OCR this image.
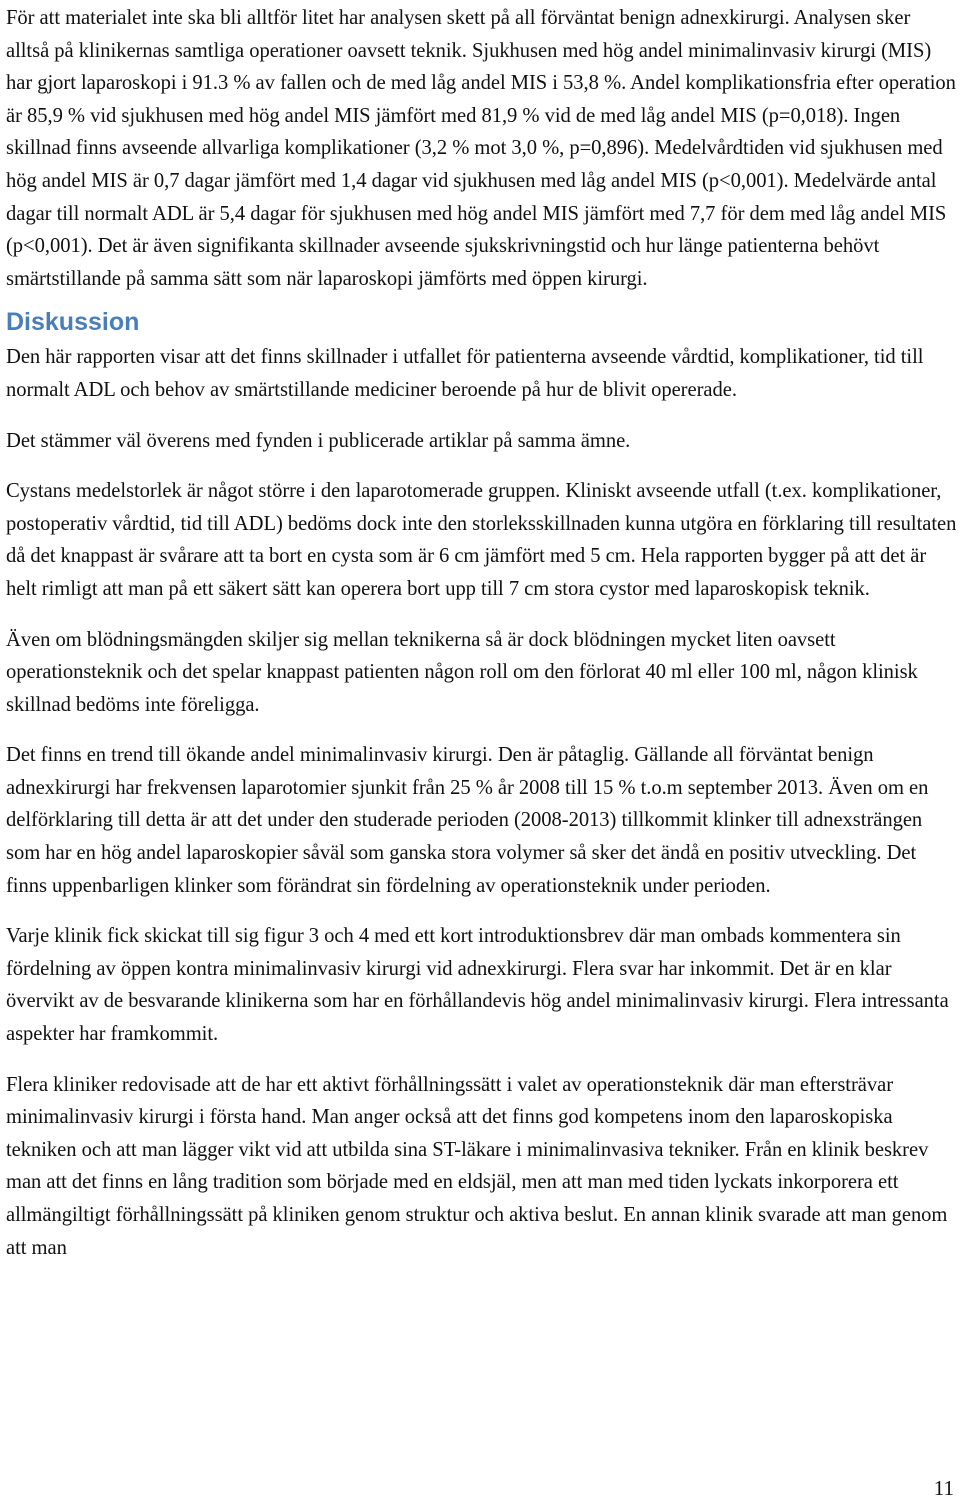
För att materialet inte ska bli alltför litet har analysen skett på all förväntat benign adnexkirurgi. Analysen sker alltså på klinikernas samtliga operationer oavsett teknik. Sjukhusen med hög andel minimalinvasiv kirurgi (MIS) har gjort laparoskopi i 91.3 % av fallen och de med låg andel MIS i 53,8 %. Andel komplikationsfria efter operation är 85,9 % vid sjukhusen med hög andel MIS jämfört med 81,9 % vid de med låg andel MIS (p=0,018). Ingen skillnad finns avseende allvarliga komplikationer (3,2 % mot 3,0 %, p=0,896). Medelvårdtiden vid sjukhusen med hög andel MIS är 0,7 dagar jämfört med 1,4 dagar vid sjukhusen med låg andel MIS (p<0,001). Medelvärde antal dagar till normalt ADL är 5,4 dagar för sjukhusen med hög andel MIS jämfört med 7,7 för dem med låg andel MIS (p<0,001). Det är även signifikanta skillnader avseende sjukskrivningstid och hur länge patienterna behövt smärtstillande på samma sätt som när laparoskopi jämförts med öppen kirurgi.

Diskussion

Den här rapporten visar att det finns skillnader i utfallet för patienterna avseende vårdtid, komplikationer, tid till normalt ADL och behov av smärtstillande mediciner beroende på hur de blivit opererade.

Det stämmer väl överens med fynden i publicerade artiklar på samma ämne.

Cystans medelstorlek är något större i den laparotomerade gruppen. Kliniskt avseende utfall (t.ex. komplikationer, postoperativ vårdtid, tid till ADL) bedöms dock inte den storleksskillnaden kunna utgöra en förklaring till resultaten då det knappast är svårare att ta bort en cysta som är 6 cm jämfört med 5 cm. Hela rapporten bygger på att det är helt rimligt att man på ett säkert sätt kan operera bort upp till 7 cm stora cystor med laparoskopisk teknik.

Även om blödningsmängden skiljer sig mellan teknikerna så är dock blödningen mycket liten oavsett operationsteknik och det spelar knappast patienten någon roll om den förlorat 40 ml eller 100 ml, någon klinisk skillnad bedöms inte föreligga.

Det finns en trend till ökande andel minimalinvasiv kirurgi. Den är påtaglig. Gällande all förväntat benign adnexkirurgi har frekvensen laparotomier sjunkit från 25 % år 2008 till 15 % t.o.m september 2013. Även om en delförklaring till detta är att det under den studerade perioden (2008-2013) tillkommit klinker till adnexsträngen som har en hög andel laparoskopier såväl som ganska stora volymer så sker det ändå en positiv utveckling. Det finns uppenbarligen klinker som förändrat sin fördelning av operationsteknik under perioden.

Varje klinik fick skickat till sig figur 3 och 4 med ett kort introduktionsbrev där man ombads kommentera sin fördelning av öppen kontra minimalinvasiv kirurgi vid adnexkirurgi. Flera svar har inkommit. Det är en klar övervikt av de besvarande klinikerna som har en förhållandevis hög andel minimalinvasiv kirurgi. Flera intressanta aspekter har framkommit.

Flera kliniker redovisade att de har ett aktivt förhållningssätt i valet av operationsteknik där man eftersträvar minimalinvasiv kirurgi i första hand. Man anger också att det finns god kompetens inom den laparoskopiska tekniken och att man lägger vikt vid att utbilda sina ST-läkare i minimalinvasiva tekniker. Från en klinik beskrev man att det finns en lång tradition som började med en eldsjäl, men att man med tiden lyckats inkorporera ett allmängiltigt förhållningssätt på kliniken genom struktur och aktiva beslut. En annan klinik svarade att man genom att man

11
